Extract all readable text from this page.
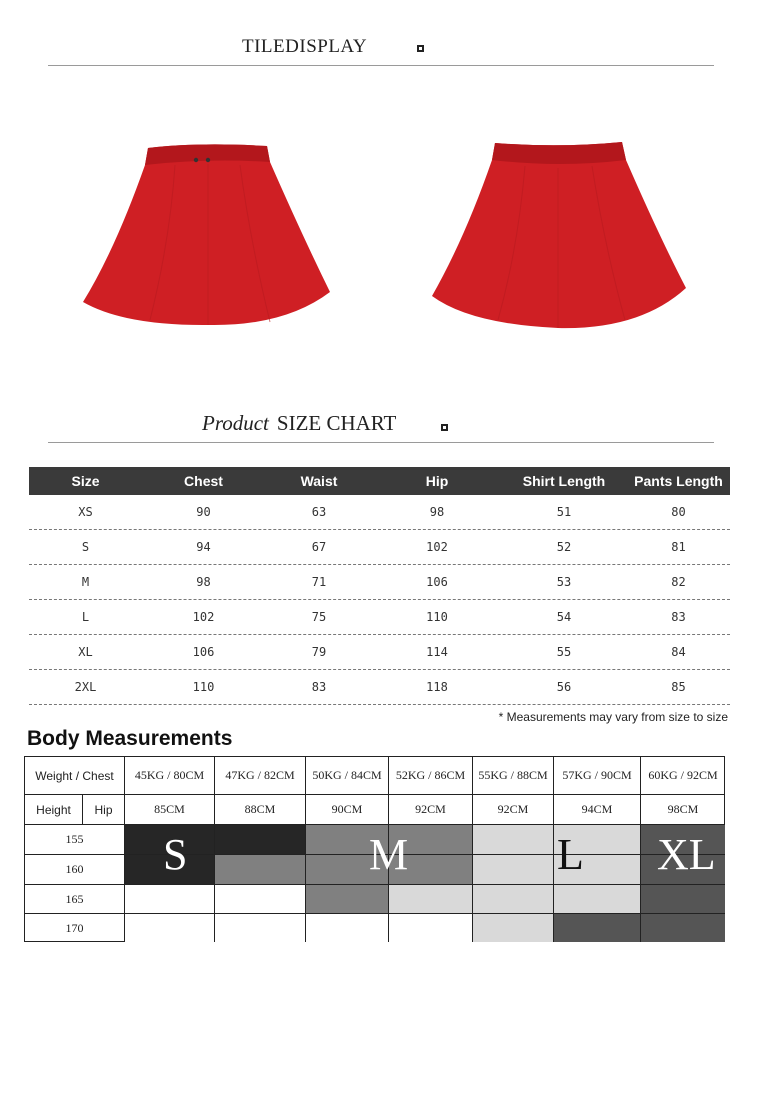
TILEDISPLAY
Product SIZE CHART
Size	Chest	Waist	Hip	Shirt Length	Pants Length
XS	90	63	98	51	80
S	94	67	102	52	81
M	98	71	106	53	82
L	102	75	110	54	83
XL	106	79	114	55	84
2XL	110	83	118	56	85
* Measurements may vary from size to size
Body Measurements
Weight / Chest	45KG / 80CM	47KG / 82CM	50KG / 84CM	52KG / 86CM	55KG / 88CM	57KG / 90CM	60KG / 92CM
Height	Hip	85CM	88CM	90CM	92CM	92CM	94CM	98CM
155
160
165
170
S	M	L XL
